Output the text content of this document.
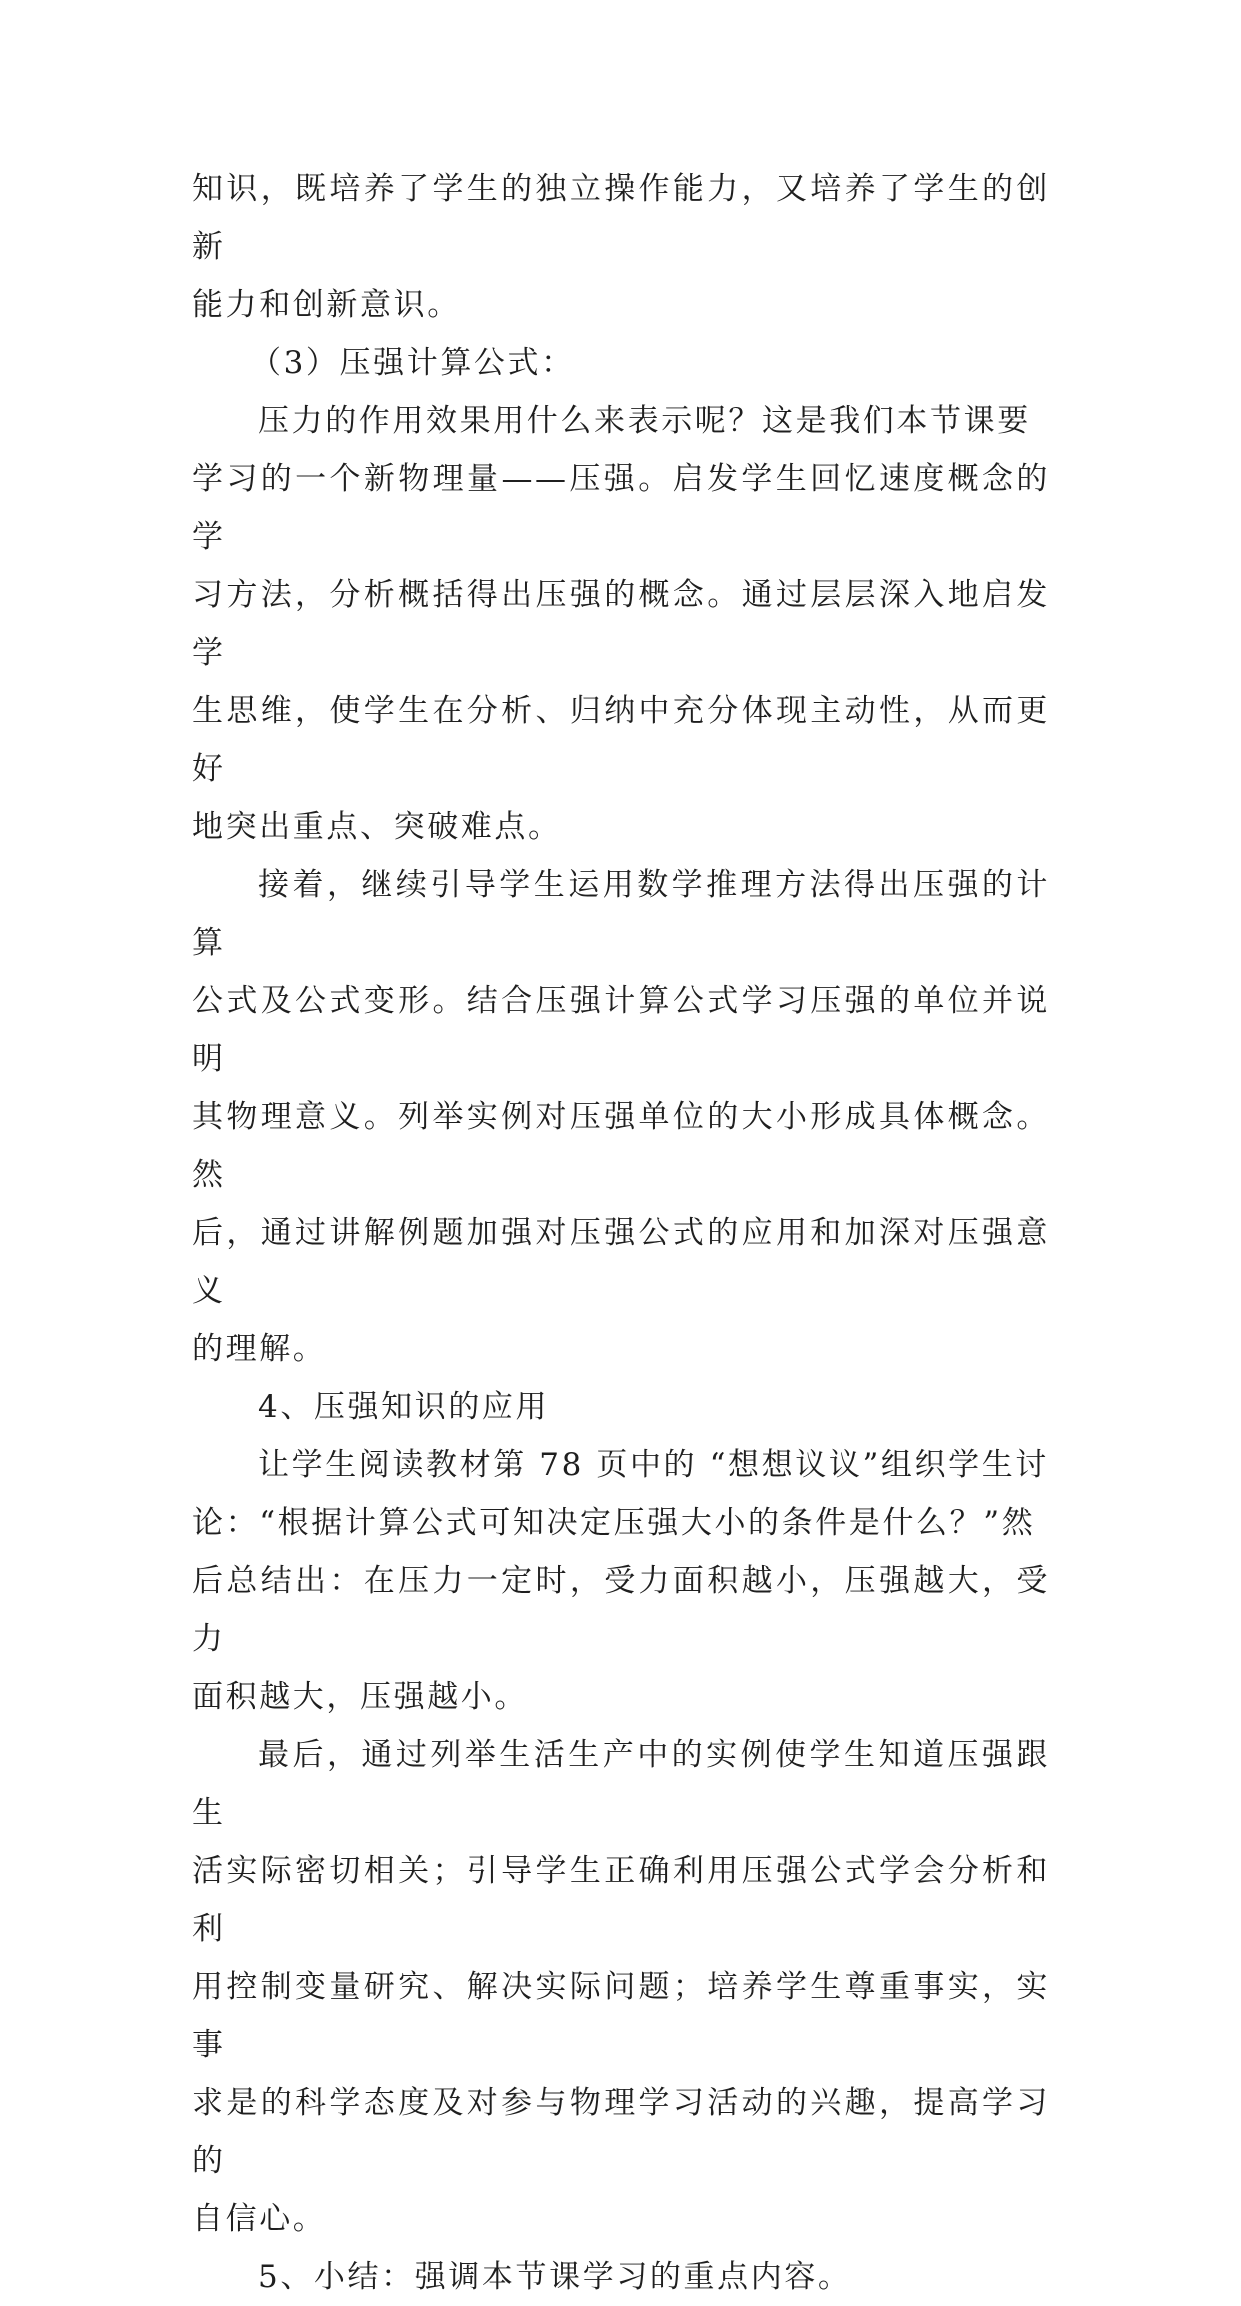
知识，既培养了学生的独立操作能力，又培养了学生的创新
能力和创新意识。

（3）压强计算公式：

压力的作用效果用什么来表示呢？这是我们本节课要
学习的一个新物理量——压强。启发学生回忆速度概念的学
习方法，分析概括得出压强的概念。通过层层深入地启发学
生思维，使学生在分析、归纳中充分体现主动性，从而更好
地突出重点、突破难点。

接着，继续引导学生运用数学推理方法得出压强的计算
公式及公式变形。结合压强计算公式学习压强的单位并说明
其物理意义。列举实例对压强单位的大小形成具体概念。然
后，通过讲解例题加强对压强公式的应用和加深对压强意义
的理解。

4、压强知识的应用

让学生阅读教材第 78 页中的 “想想议议”组织学生讨
论：“根据计算公式可知决定压强大小的条件是什么？”然
后总结出：在压力一定时，受力面积越小，压强越大，受力
面积越大，压强越小。

最后，通过列举生活生产中的实例使学生知道压强跟生
活实际密切相关；引导学生正确利用压强公式学会分析和利
用控制变量研究、解决实际问题；培养学生尊重事实，实事
求是的科学态度及对参与物理学习活动的兴趣，提高学习的
自信心。

5、小结：强调本节课学习的重点内容。
